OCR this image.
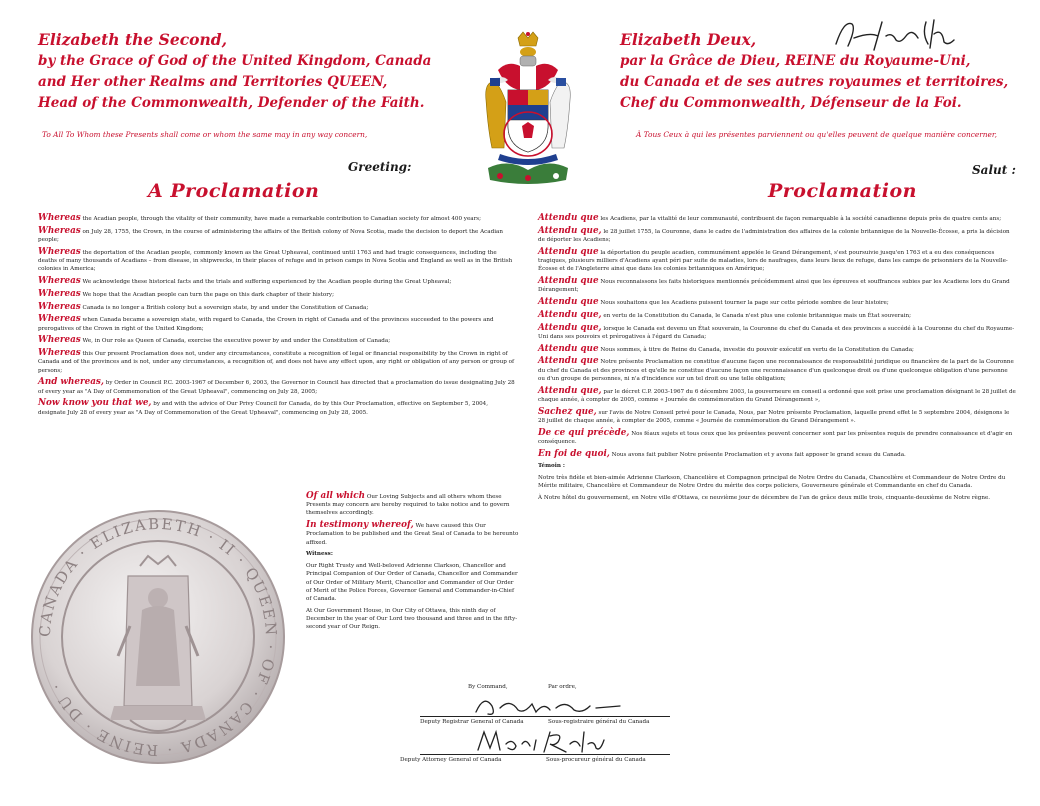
Elizabeth the Second,
by the Grace of God of the United Kingdom, Canada
and Her other Realms and Territories QUEEN,
Head of the Commonwealth, Defender of the Faith.
To All To Whom these Presents shall come or whom the same may in any way concern,
Greeting:
A Proclamation
Elizabeth Deux,
par la Grâce de Dieu, REINE du Royaume-Uni,
du Canada et de ses autres royaumes et territoires,
Chef du Commonwealth, Défenseur de la Foi.
À Tous Ceux à qui les présentes parviennent ou qu'elles peuvent de quelque manière concerner,
Salut :
Proclamation

Whereas the Acadian people, through the vitality of their community, have made a remarkable contribution to Canadian society for almost 400 years;

Whereas on July 28, 1755, the Crown, in the course of administering the affairs of the British colony of Nova Scotia, made the decision to deport the Acadian people;

Whereas the deportation of the Acadian people, commonly known as the Great Upheaval, continued until 1763 and had tragic consequences, including the deaths of many thousands of Acadians – from disease, in shipwrecks, in their places of refuge and in prison camps in Nova Scotia and England as well as in the British colonies in America;

Whereas We acknowledge these historical facts and the trials and suffering experienced by the Acadian people during the Great Upheaval;

Whereas We hope that the Acadian people can turn the page on this dark chapter of their history;

Whereas Canada is no longer a British colony but a sovereign state, by and under the Constitution of Canada;

Whereas when Canada became a sovereign state, with regard to Canada, the Crown in right of Canada and of the provinces succeeded to the powers and prerogatives of the Crown in right of the United Kingdom;

Whereas We, in Our role as Queen of Canada, exercise the executive power by and under the Constitution of Canada;

Whereas this Our present Proclamation does not, under any circumstances, constitute a recognition of legal or financial responsibility by the Crown in right of Canada and of the provinces and is not, under any circumstances, a recognition of, and does not have any effect upon, any right or obligation of any person or group of persons;

And whereas, by Order in Council P.C. 2003-1967 of December 6, 2003, the Governor in Council has directed that a proclamation do issue designating July 28 of every year as "A Day of Commemoration of the Great Upheaval", commencing on July 28, 2005;

Now know you that we, by and with the advice of Our Privy Council for Canada, do by this Our Proclamation, effective on September 5, 2004, designate July 28 of every year as "A Day of Commemoration of the Great Upheaval", commencing on July 28, 2005.

Of all which Our Loving Subjects and all others whom these Presents may concern are hereby required to take notice and to govern themselves accordingly.

In testimony whereof, We have caused this Our Proclamation to be published and the Great Seal of Canada to be hereunto affixed.

Witness:

Our Right Trusty and Well-beloved Adrienne Clarkson, Chancellor and Principal Companion of Our Order of Canada, Chancellor and Commander of Our Order of Military Merit, Chancellor and Commander of Our Order of Merit of the Police Forces, Governor General and Commander-in-Chief of Canada.

At Our Government House, in Our City of Ottawa, this ninth day of December in the year of Our Lord two thousand and three and in the fifty-second year of Our Reign.

CANADA · ELIZABETH · II · QUEEN · OF · CANADA · REINE · DU ·

Attendu que les Acadiens, par la vitalité de leur communauté, contribuent de façon remarquable à la société canadienne depuis près de quatre cents ans;

Attendu que, le 28 juillet 1755, la Couronne, dans le cadre de l'administration des affaires de la colonie britannique de la Nouvelle-Écosse, a pris la décision de déporter les Acadiens;

Attendu que la déportation du peuple acadien, communément appelée le Grand Dérangement, s'est poursuivie jusqu'en 1763 et a eu des conséquences tragiques, plusieurs milliers d'Acadiens ayant péri par suite de maladies, lors de naufrages, dans leurs lieux de refuge, dans les camps de prisonniers de la Nouvelle-Écosse et de l'Angleterre ainsi que dans les colonies britanniques en Amérique;

Attendu que Nous reconnaissons les faits historiques mentionnés précédemment ainsi que les épreuves et souffrances subies par les Acadiens lors du Grand Dérangement;

Attendu que Nous souhaitons que les Acadiens puissent tourner la page sur cette période sombre de leur histoire;

Attendu que, en vertu de la Constitution du Canada, le Canada n'est plus une colonie britannique mais un État souverain;

Attendu que, lorsque le Canada est devenu un État souverain, la Couronne du chef du Canada et des provinces a succédé à la Couronne du chef du Royaume-Uni dans ses pouvoirs et prérogatives à l'égard du Canada;

Attendu que Nous sommes, à titre de Reine du Canada, investie du pouvoir exécutif en vertu de la Constitution du Canada;

Attendu que Notre présente Proclamation ne constitue d'aucune façon une reconnaissance de responsabilité juridique ou financière de la part de la Couronne du chef du Canada et des provinces et qu'elle ne constitue d'aucune façon une reconnaissance d'un quelconque droit ou d'une quelconque obligation d'une personne ou d'un groupe de personnes, ni n'a d'incidence sur un tel droit ou une telle obligation;

Attendu que, par le décret C.P. 2003-1967 du 6 décembre 2003, la gouverneure en conseil a ordonné que soit prise une proclamation désignant le 28 juillet de chaque année, à compter de 2005, comme « Journée de commémoration du Grand Dérangement »,

Sachez que, sur l'avis de Notre Conseil privé pour le Canada, Nous, par Notre présente Proclamation, laquelle prend effet le 5 septembre 2004, désignons le 28 juillet de chaque année, à compter de 2005, comme « Journée de commémoration du Grand Dérangement ».

De ce qui précède, Nos féaux sujets et tous ceux que les présentes peuvent concerner sont par les présentes requis de prendre connaissance et d'agir en conséquence.

En foi de quoi, Nous avons fait publier Notre présente Proclamation et y avons fait apposer le grand sceau du Canada.

Témoin :

Notre très fidèle et bien-aimée Adrienne Clarkson, Chancelière et Compagnon principal de Notre Ordre du Canada, Chancelière et Commandeur de Notre Ordre du Mérite militaire, Chancelière et Commandeur de Notre Ordre du mérite des corps policiers, Gouverneure générale et Commandante en chef du Canada.

À Notre hôtel du gouvernement, en Notre ville d'Ottawa, ce neuvième jour de décembre de l'an de grâce deux mille trois, cinquante-deuxième de Notre règne.

By Command,	Par ordre,
Deputy Registrar General of Canada	Sous-registraire général du Canada
Deputy Attorney General of Canada	Sous-procureur général du Canada
